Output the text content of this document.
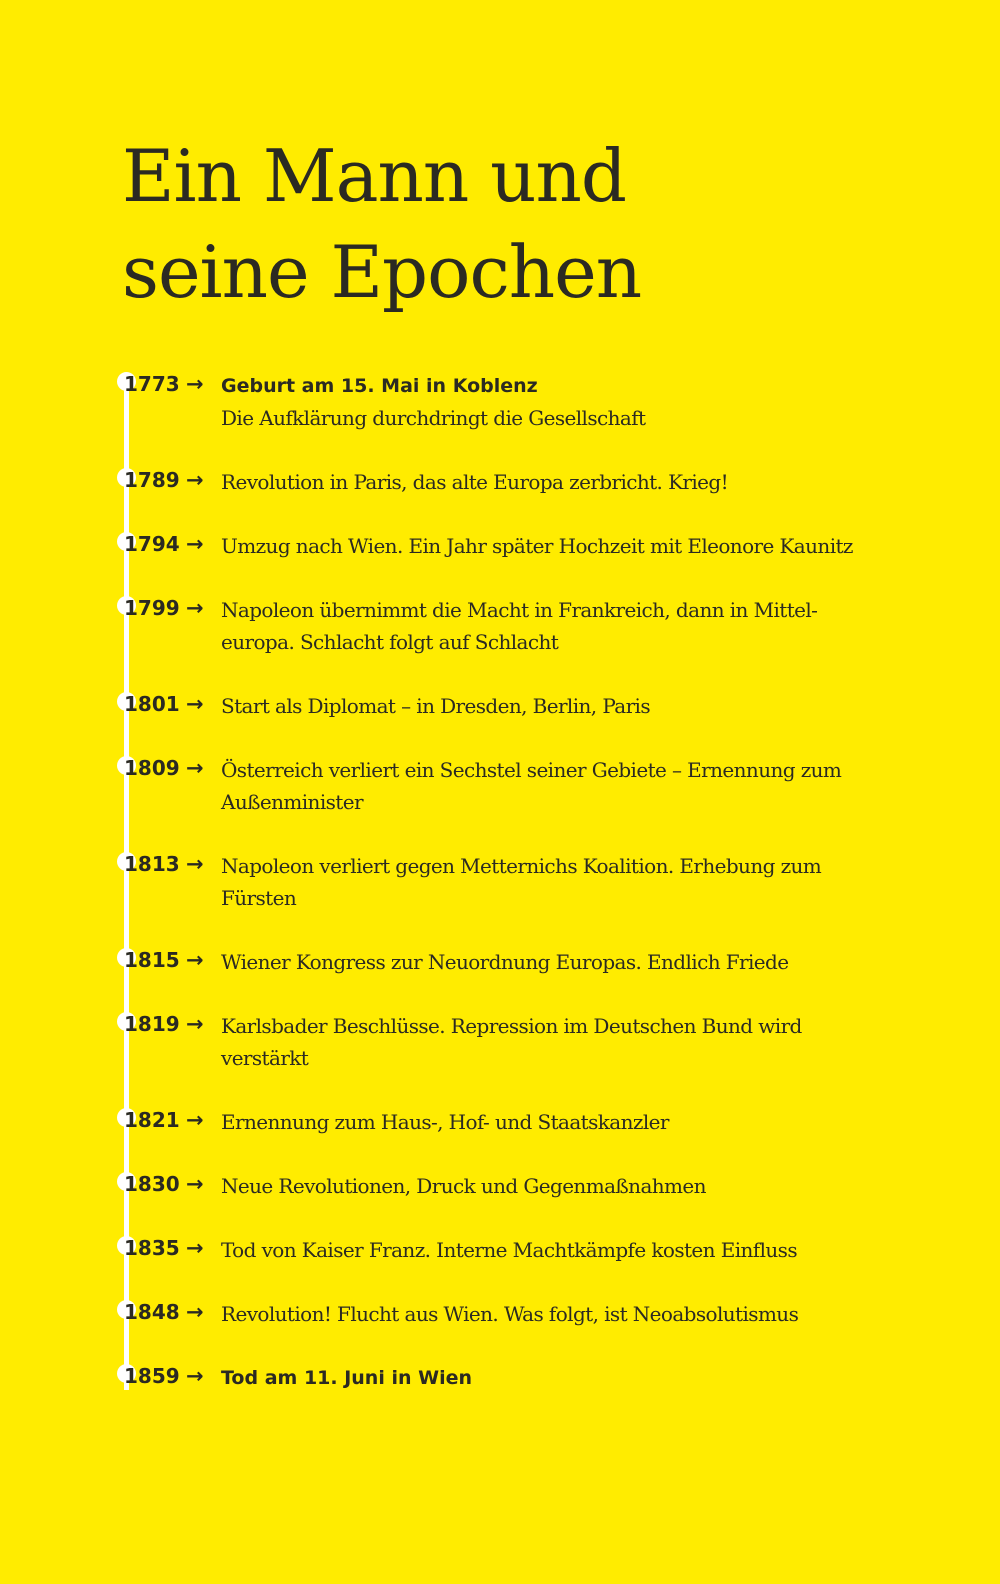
Ein Mann und
seine Epochen
1773 → Geburt am 15. Mai in Koblenz
Die Aufklärung durchdringt die Gesellschaft
1789 → Revolution in Paris, das alte Europa zerbricht. Krieg!
1794 → Umzug nach Wien. Ein Jahr später Hochzeit mit Eleonore Kaunitz
1799 → Napoleon übernimmt die Macht in Frankreich, dann in Mittel-
europa. Schlacht folgt auf Schlacht
1801 → Start als Diplomat – in Dresden, Berlin, Paris
1809 → Österreich verliert ein Sechstel seiner Gebiete – Ernennung zum
Außenminister
1813 → Napoleon verliert gegen Metternichs Koalition. Erhebung zum
Fürsten
1815 → Wiener Kongress zur Neuordnung Europas. Endlich Friede
1819 → Karlsbader Beschlüsse. Repression im Deutschen Bund wird
verstärkt
1821 → Ernennung zum Haus-, Hof- und Staatskanzler
1830 → Neue Revolutionen, Druck und Gegenmaßnahmen
1835 → Tod von Kaiser Franz. Interne Machtkämpfe kosten Einfluss
1848 → Revolution! Flucht aus Wien. Was folgt, ist Neoabsolutismus
1859 → Tod am 11. Juni in Wien
